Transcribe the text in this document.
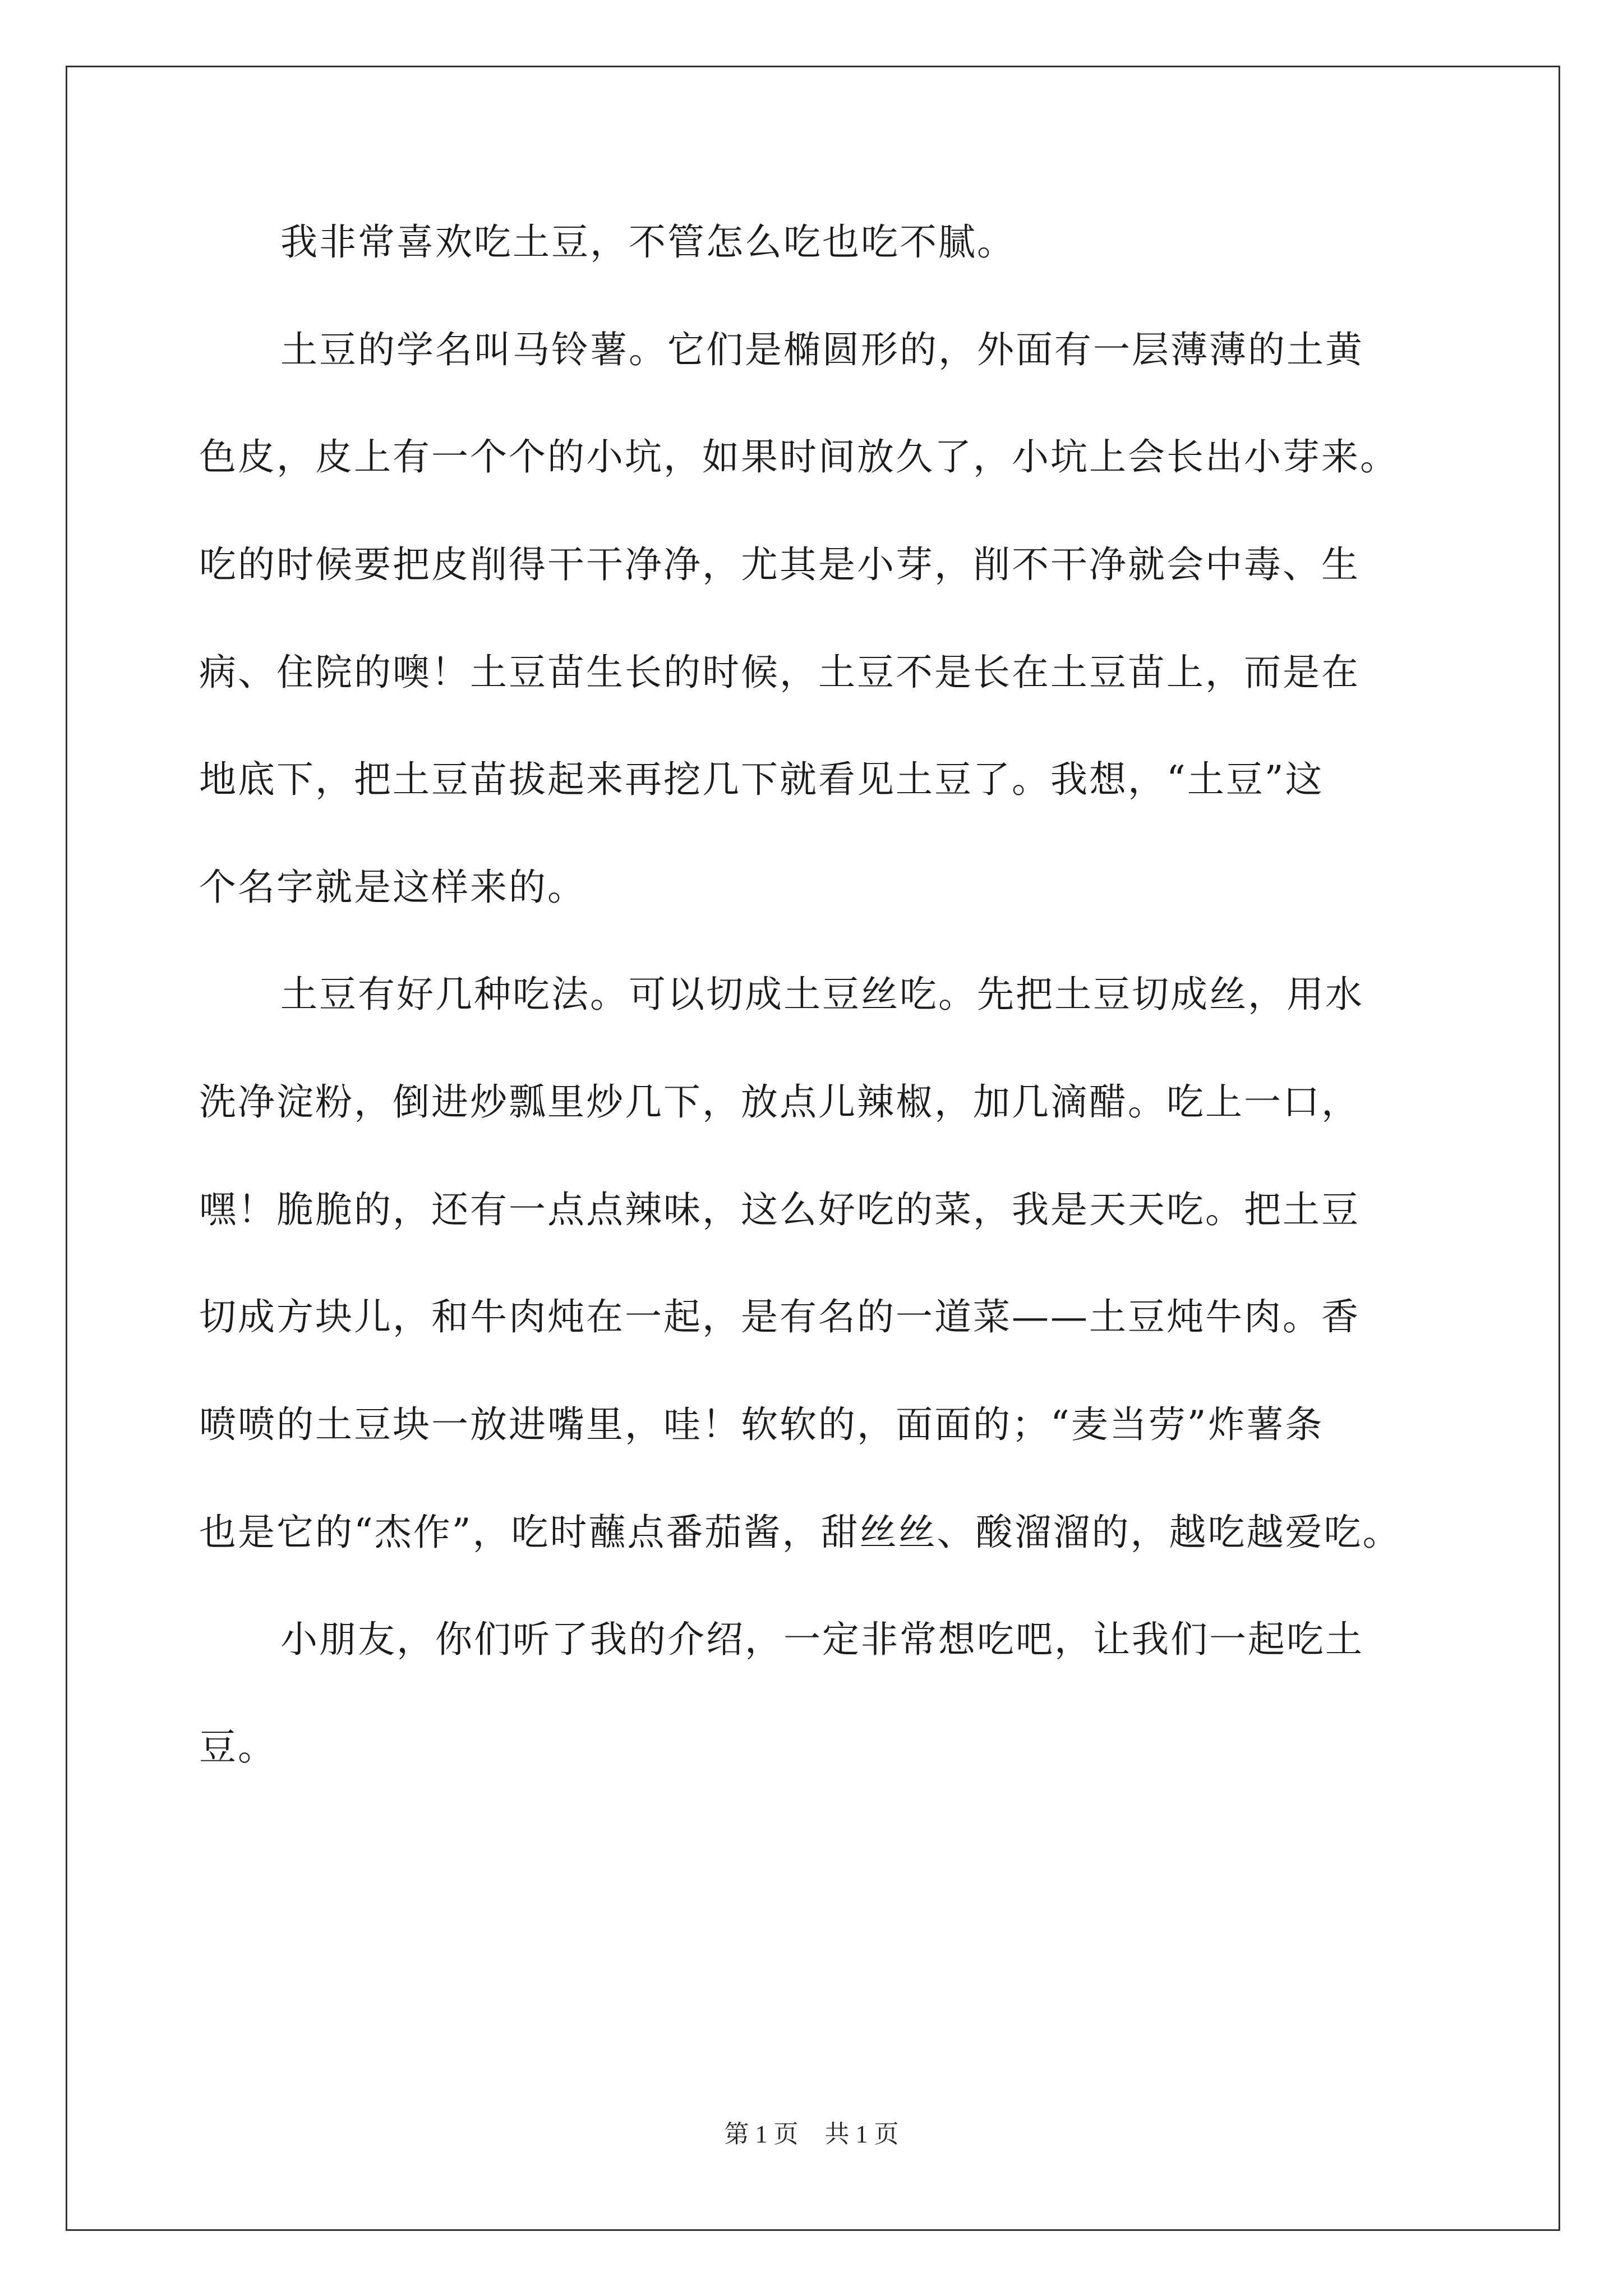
我非常喜欢吃土豆，不管怎么吃也吃不腻。
土豆的学名叫马铃薯。它们是椭圆形的，外面有一层薄薄的土黄
色皮，皮上有一个个的小坑，如果时间放久了，小坑上会长出小芽来。
吃的时候要把皮削得干干净净，尤其是小芽，削不干净就会中毒、生
病、住院的噢！土豆苗生长的时候，土豆不是长在土豆苗上，而是在
地底下，把土豆苗拔起来再挖几下就看见土豆了。我想，“土豆”这
个名字就是这样来的。
土豆有好几种吃法。可以切成土豆丝吃。先把土豆切成丝，用水
洗净淀粉，倒进炒瓢里炒几下，放点儿辣椒，加几滴醋。吃上一口，
嘿！脆脆的，还有一点点辣味，这么好吃的菜，我是天天吃。把土豆
切成方块儿，和牛肉炖在一起，是有名的一道菜——土豆炖牛肉。香
喷喷的土豆块一放进嘴里，哇！软软的，面面的；“麦当劳”炸薯条
也是它的“杰作”，吃时蘸点番茄酱，甜丝丝、酸溜溜的，越吃越爱吃。
小朋友，你们听了我的介绍，一定非常想吃吧，让我们一起吃土
豆。
第 1 页 共 1 页
